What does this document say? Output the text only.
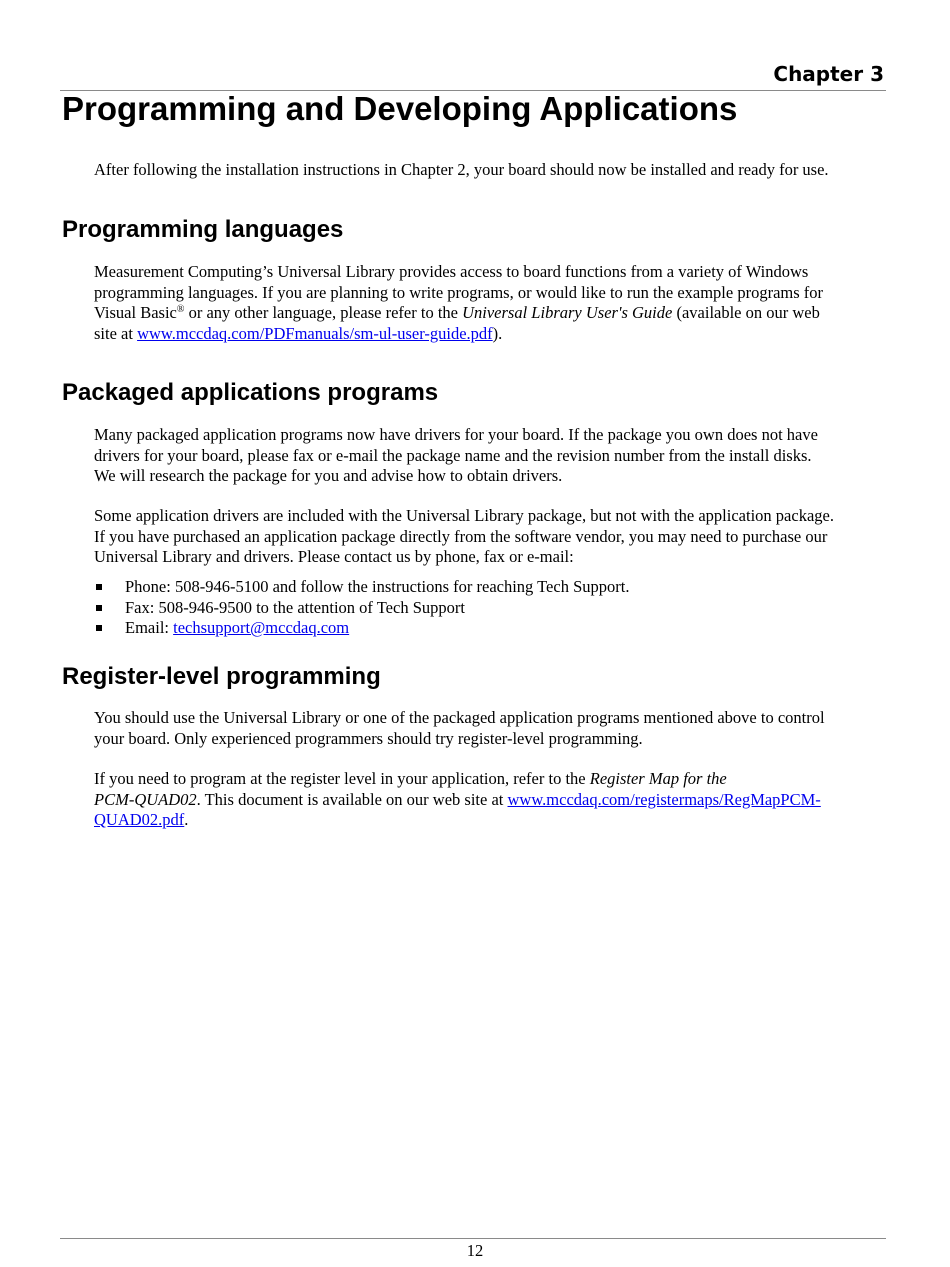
Chapter 3
Programming and Developing Applications

After following the installation instructions in Chapter 2, your board should now be installed and ready for use.

Programming languages

Measurement Computing’s Universal Library provides access to board functions from a variety of Windows
programming languages. If you are planning to write programs, or would like to run the example programs for
Visual Basic® or any other language, please refer to the Universal Library User's Guide (available on our web
site at www.mccdaq.com/PDFmanuals/sm-ul-user-guide.pdf).

Packaged applications programs

Many packaged application programs now have drivers for your board. If the package you own does not have
drivers for your board, please fax or e-mail the package name and the revision number from the install disks.
We will research the package for you and advise how to obtain drivers.

Some application drivers are included with the Universal Library package, but not with the application package.
If you have purchased an application package directly from the software vendor, you may need to purchase our
Universal Library and drivers. Please contact us by phone, fax or e-mail:

Phone: 508-946-5100 and follow the instructions for reaching Tech Support.
Fax: 508-946-9500 to the attention of Tech Support
Email: techsupport@mccdaq.com
Register-level programming

You should use the Universal Library or one of the packaged application programs mentioned above to control
your board. Only experienced programmers should try register-level programming.

If you need to program at the register level in your application, refer to the Register Map for the
PCM-QUAD02. This document is available on our web site at www.mccdaq.com/registermaps/RegMapPCM-
QUAD02.pdf.

12
